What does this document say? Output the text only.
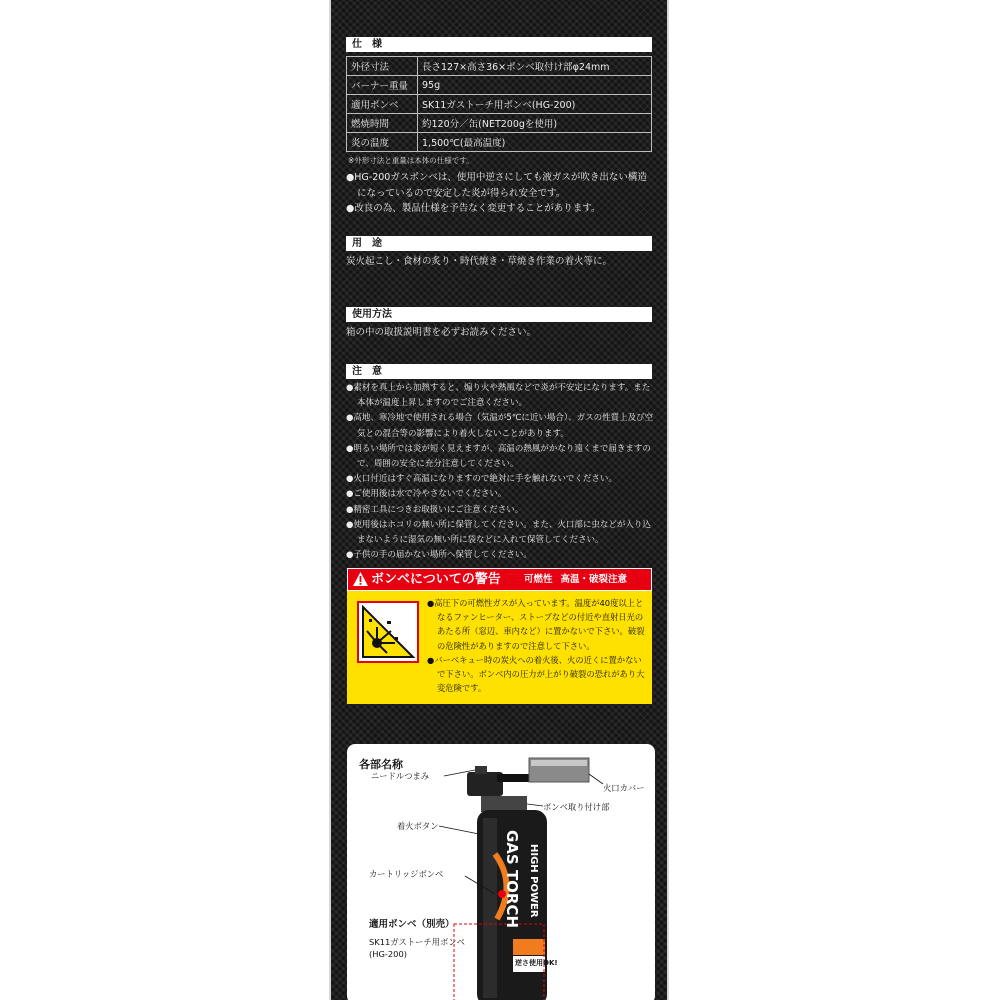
仕　様
外径寸法	長さ127×高さ36×ボンベ取付け部φ24mm
バーナー重量	95g
適用ボンベ	SK11ガストーチ用ボンベ(HG-200)
燃焼時間	約120分／缶(NET200gを使用)
炎の温度	1,500℃(最高温度)
※外形寸法と重量は本体の仕様です。

●HG-200ガスボンベは、使用中逆さにしても液ガスが吹き出ない構造になっているので安定した炎が得られ安全です。

●改良の為、製品仕様を予告なく変更することがあります。

用　途

炭火起こし・食材の炙り・時代焼き・草焼き作業の着火等に。

使用方法

箱の中の取扱説明書を必ずお読みください。

注　意

●素材を真上から加熱すると、煽り火や熱風などで炎が不安定になります。また本体が温度上昇しますのでご注意ください。

●高地、寒冷地で使用される場合（気温が5℃に近い場合）、ガスの性質上及び空気との混合等の影響により着火しないことがあります。

●明るい場所では炎が短く見えますが、高温の熱風がかなり遠くまで届きますので、周囲の安全に充分注意してください。

●火口付近はすぐ高温になりますので絶対に手を触れないでください。

●ご使用後は水で冷やさないでください。

●精密工具につきお取扱いにご注意ください。

●使用後はホコリの無い所に保管してください。また、火口部に虫などが入り込まないように湿気の無い所に袋などに入れて保管してください。

●子供の手の届かない場所へ保管してください。

ボンベについての警告 可燃性 高温・破裂注意

●高圧下の可燃性ガスが入っています。温度が40度以上となるファンヒーター、ストーブなどの付近や直射日光のあたる所（窓辺、車内など）に置かないで下さい。破裂の危険性がありますので注意して下さい。

●バーベキュー時の炭火への着火後、火の近くに置かないで下さい。ボンベ内の圧力が上がり破裂の恐れがあり大変危険です。

各部名称
ニードルつまみ
火口カバー
ボンベ取り付け部
着火ボタン
カートリッジボンベ	GAS TORCH HIGH POWER
逆さ使用OK!
適用ボンベ（別売）
SK11ガストーチ用ボンベ
(HG-200)
